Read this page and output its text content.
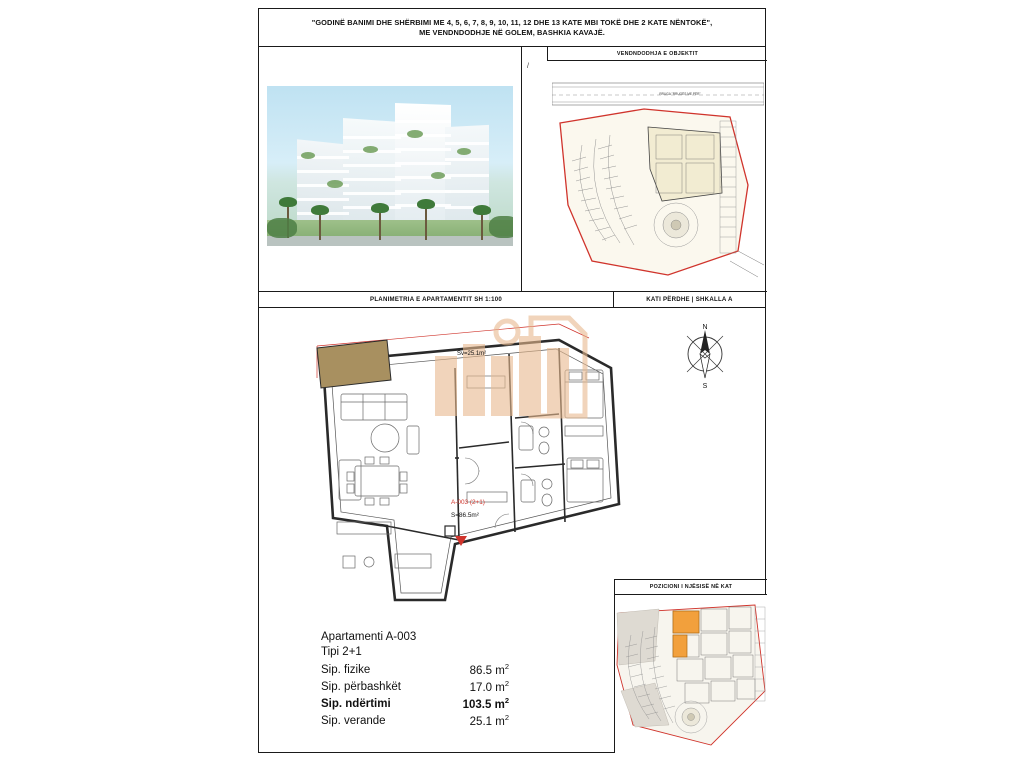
"GODINË BANIMI DHE SHËRBIMI ME 4, 5, 6, 7, 8, 9, 10, 11, 12 DHE 13 KATE MBI TOKË DHE 2 KATE NËNTOKË",
ME VENDNDODHJE NË GOLEM, BASHKIA KAVAJË.
VENDNDODHJA E OBJEKTIT
/
RRUGA "RRUGËS ME PËR"
PLANIMETRIA E APARTAMENTIT SH 1:100	KATI PËRDHE | SHKALLA A
N
S
Sv=25.1m²
A-003 (2+1)
S=86.5m²
POZICIONI I NJËSISË NË KAT
Apartamenti A-003
Tipi 2+1
Sip. fizike	86.5 $m^2$
Sip. përbashkët	17.0 $m^2$
Sip. ndërtimi	103.5 $m^2$
Sip. verande	25.1 $m^2$
